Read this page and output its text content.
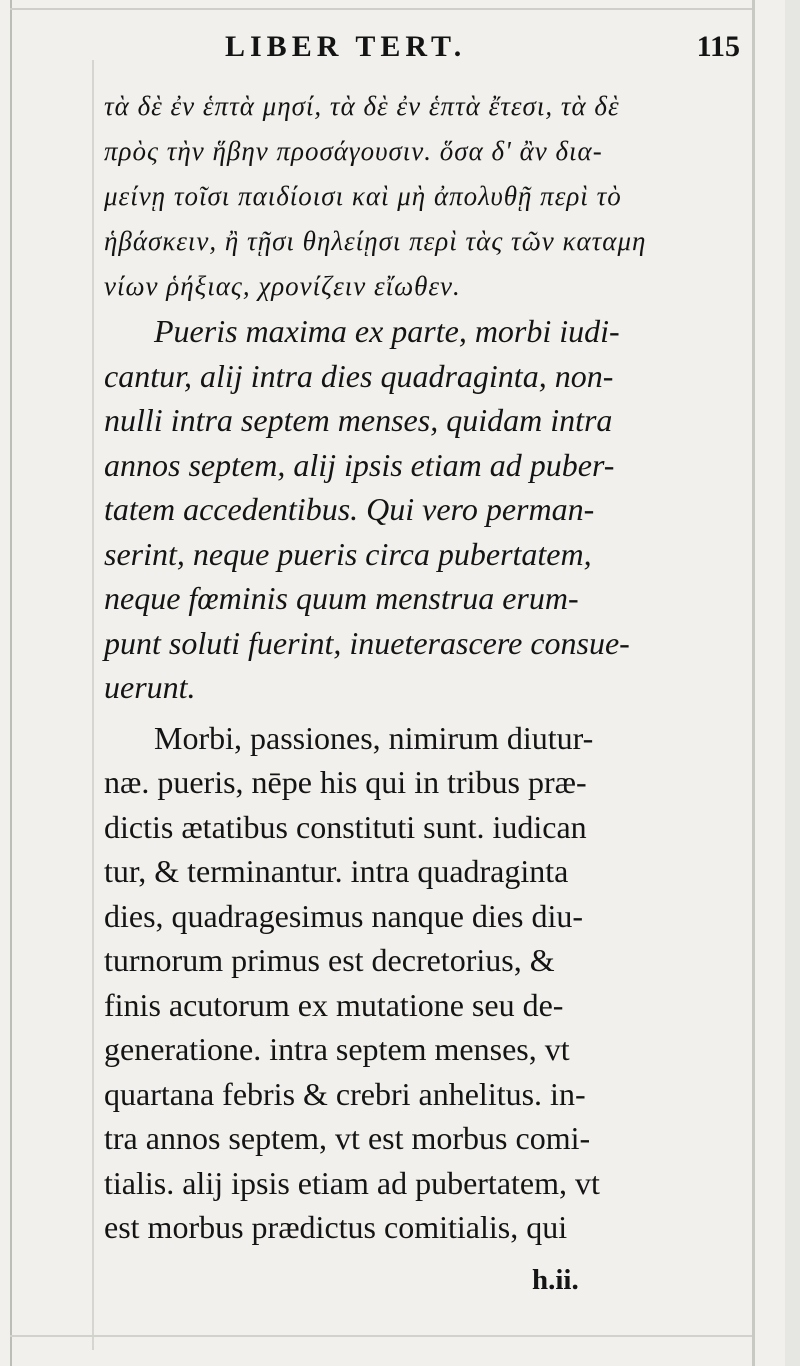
LIBER TERT.	115
τὰ δὲ ἐν ἑπτὰ μησί, τὰ δὲ ἐν ἑπτὰ ἔτεσι, τὰ δὲ
πρὸς τὴν ἥβην προσάγουσιν. ὅσα δ' ἂν δια-
μείνῃ τοῖσι παιδίοισι καὶ μὴ ἀπολυθῇ περὶ τὸ
ἡβάσκειν, ἢ τῇσι θηλείῃσι περὶ τὰς τῶν καταμη
νίων ῥήξιας, χρονίζειν εἴωθεν.
Pueris maxima ex parte, morbi iudi-
cantur, alij intra dies quadraginta, non-
nulli intra septem menses, quidam intra
annos septem, alij ipsis etiam ad puber-
tatem accedentibus. Qui vero perman-
serint, neque pueris circa pubertatem,
neque fœminis quum menstrua erum-
punt soluti fuerint, inueterascere consue-
uerunt.
Morbi, passiones, nimirum diutur-
næ. pueris, nēpe his qui in tribus præ-
dictis ætatibus constituti sunt. iudican
tur, & terminantur. intra quadraginta
dies, quadragesimus nanque dies diu-
turnorum primus est decretorius, &
finis acutorum ex mutatione seu de-
generatione. intra septem menses, vt
quartana febris & crebri anhelitus. in-
tra annos septem, vt est morbus comi-
tialis. alij ipsis etiam ad pubertatem, vt
est morbus prædictus comitialis, qui
h.ii.
